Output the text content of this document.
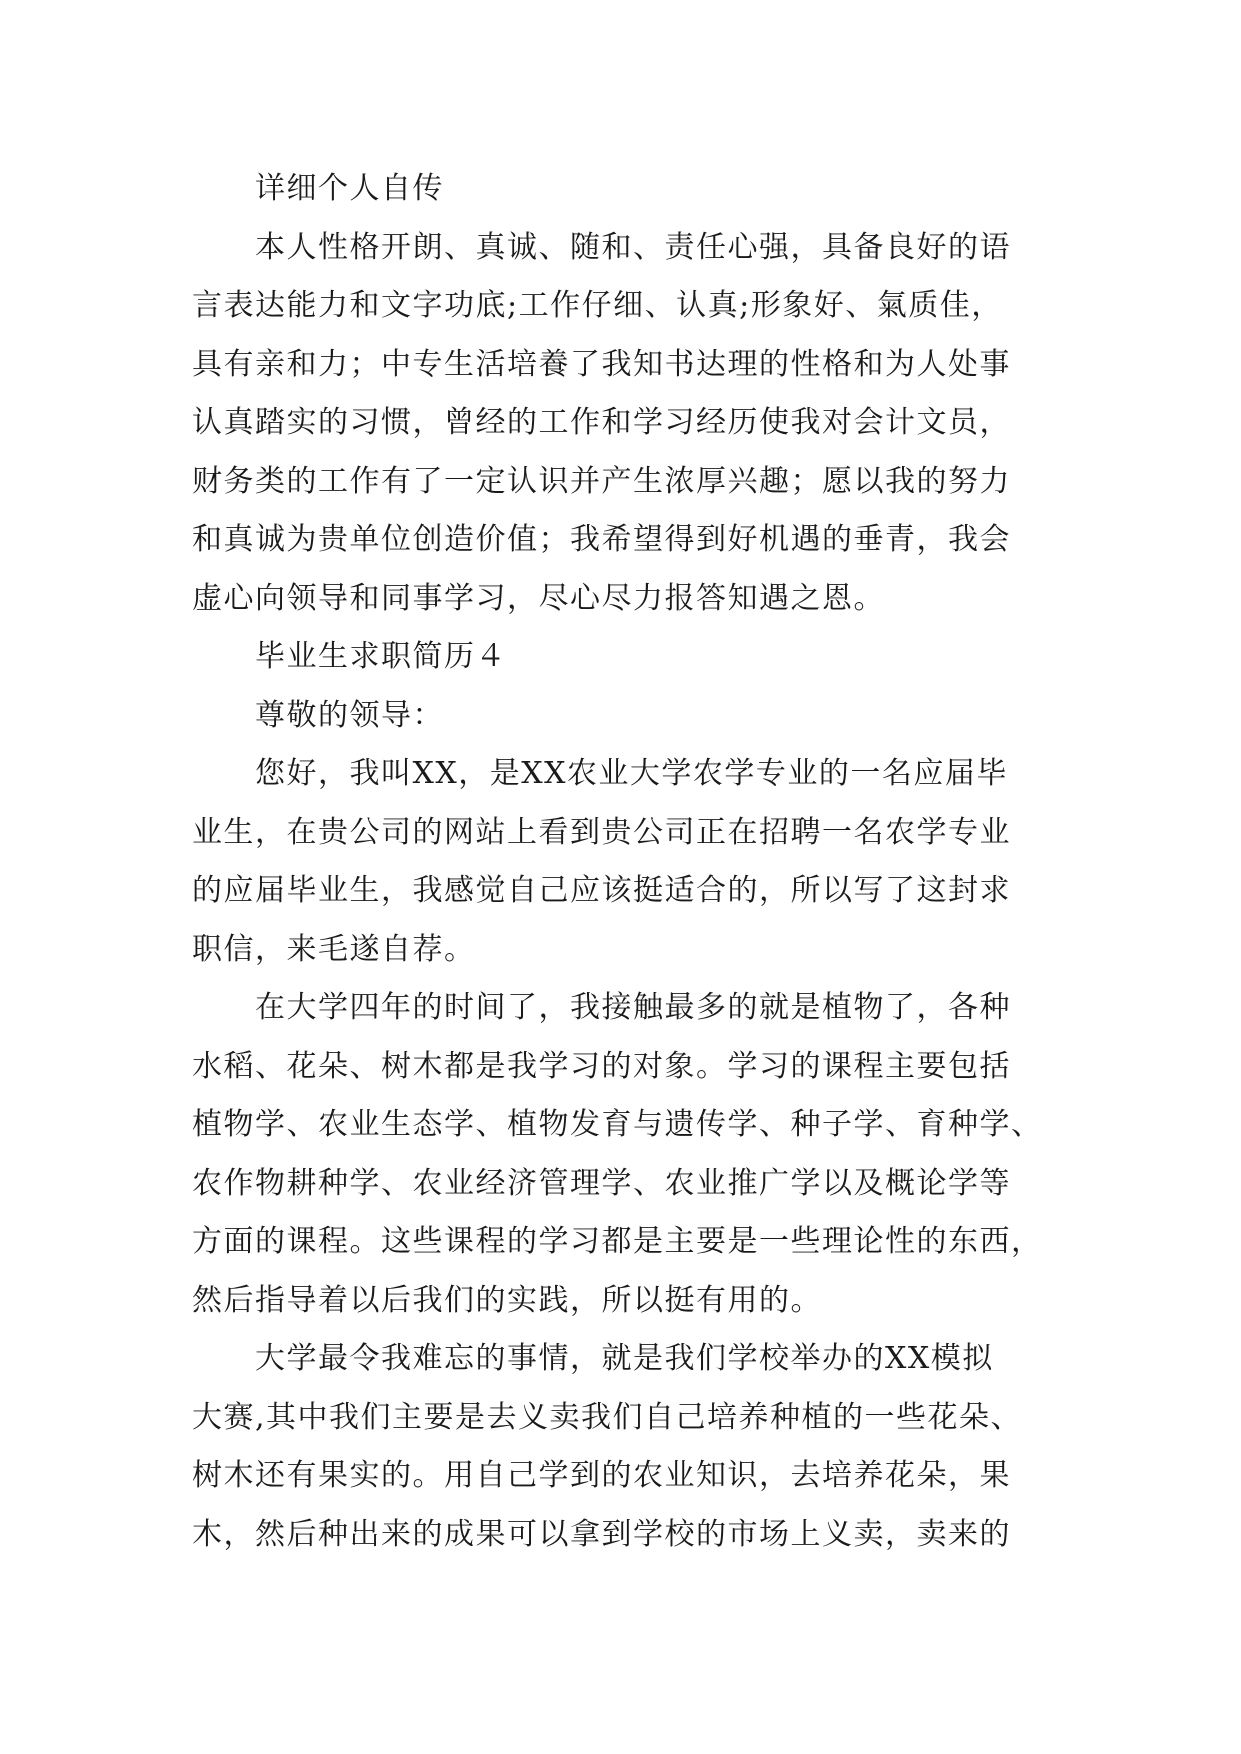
详细个人自传
本人性格开朗、真诚、随和、责任心强，具备良好的语
言表达能力和文字功底;工作仔细、认真;形象好、氣质佳，
具有亲和力；中专生活培養了我知书达理的性格和为人处事
认真踏实的习惯，曾经的工作和学习经历使我对会计文员，
财务类的工作有了一定认识并产生浓厚兴趣；愿以我的努力
和真诚为贵单位创造价值；我希望得到好机遇的垂青，我会
虚心向领导和同事学习，尽心尽力报答知遇之恩。
毕业生求职简历４
尊敬的领导：
您好，我叫XX，是XX农业大学农学专业的一名应届毕
业生，在贵公司的网站上看到贵公司正在招聘一名农学专业
的应届毕业生，我感觉自己应该挺适合的，所以写了这封求
职信，来毛遂自荐。
在大学四年的时间了，我接触最多的就是植物了，各种
水稻、花朵、树木都是我学习的对象。学习的课程主要包括
植物学、农业生态学、植物发育与遗传学、种子学、育种学、
农作物耕种学、农业经济管理学、农业推广学以及概论学等
方面的课程。这些课程的学习都是主要是一些理论性的东西，
然后指导着以后我们的实践，所以挺有用的。
大学最令我难忘的事情，就是我们学校举办的XX模拟
大赛,其中我们主要是去义卖我们自己培养种植的一些花朵、
树木还有果实的。用自己学到的农业知识，去培养花朵，果
木，然后种出来的成果可以拿到学校的市场上义卖，卖来的
